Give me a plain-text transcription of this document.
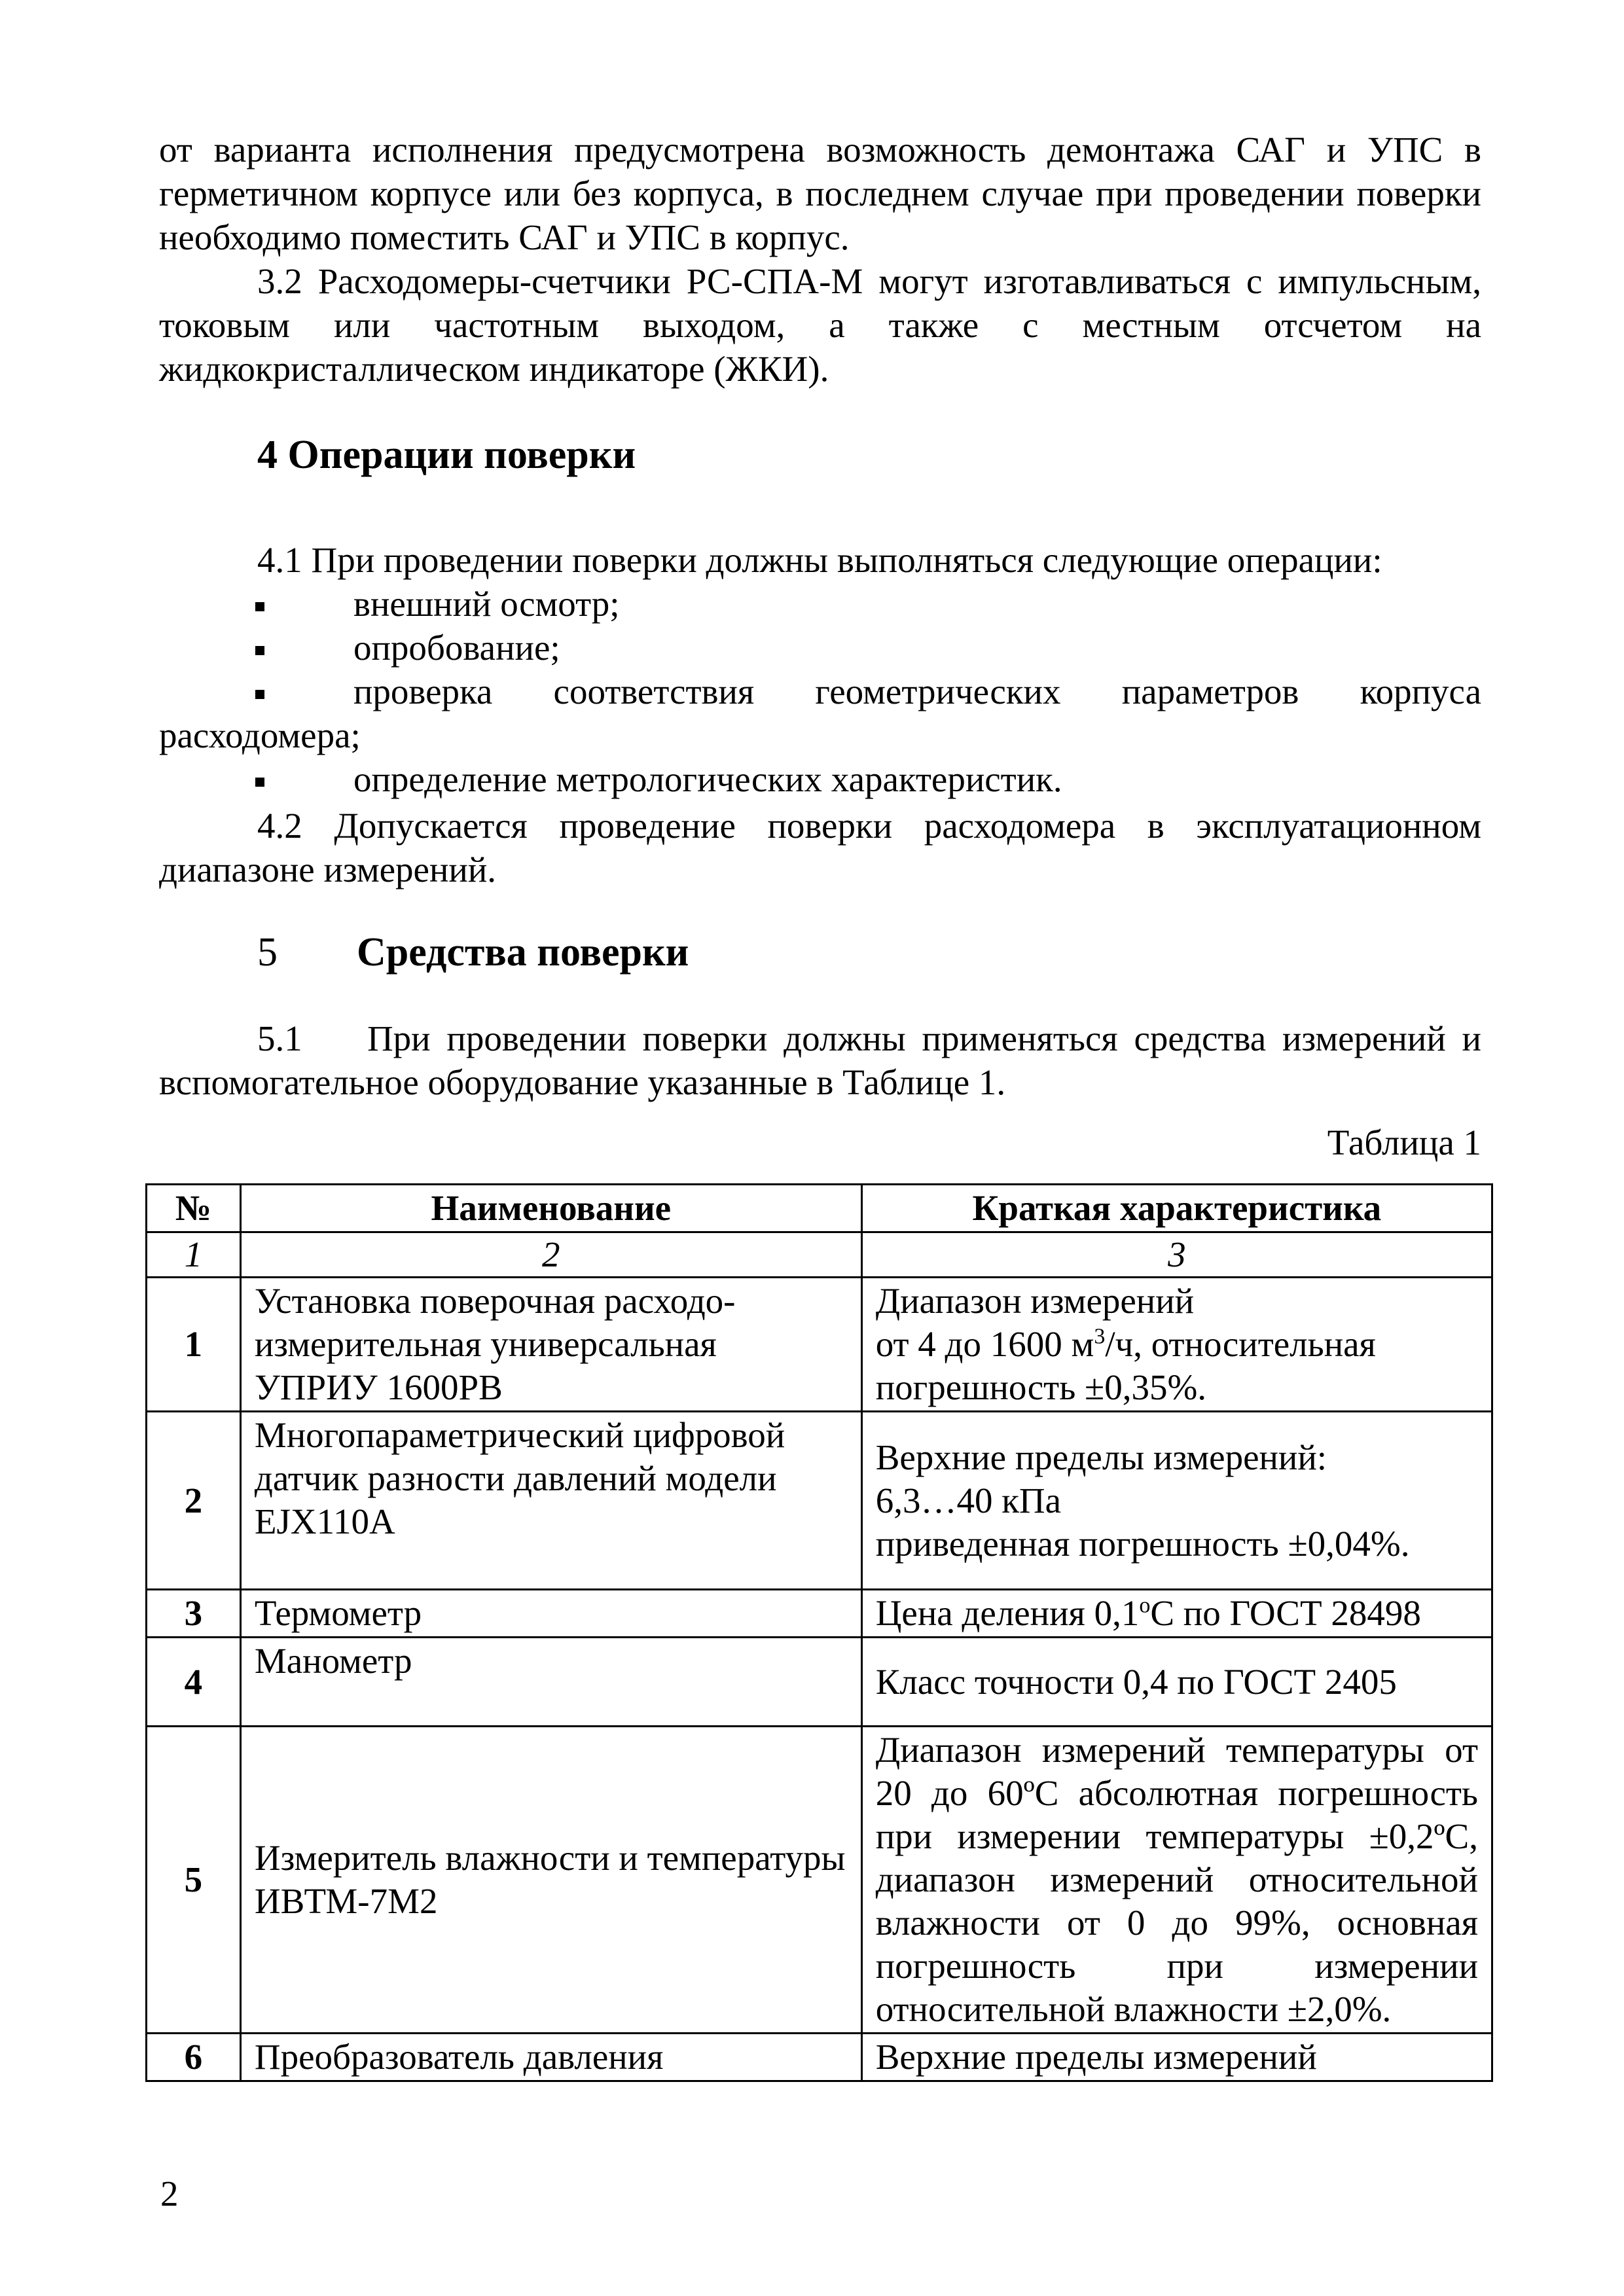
от варианта исполнения предусмотрена возможность демонтажа САГ и УПС в герметичном корпусе или без корпуса, в последнем случае при проведении поверки необходимо поместить САГ и УПС в корпус.

3.2 Расходомеры-счетчики РС-СПА-М могут изготавливаться с импульсным, токовым или частотным выходом, а также с местным отсчетом на жидкокристаллическом индикаторе (ЖКИ).

4 Операции поверки

4.1 При проведении поверки должны выполняться следующие операции:

внешний осмотр;

опробование;

проверка соответствия геометрических параметров корпуса

расходомера;

определение метрологических характеристик.

4.2 Допускается проведение поверки расходомера в эксплуатационном диапазоне измерений.

5 Средства поверки

5.1    При проведении поверки должны применяться средства измерений и вспомогательное оборудование указанные в Таблице 1.

Таблица 1
№	Наименование	Краткая характеристика
1	2	3
1	Установка поверочная расходо-измерительная универсальная УПРИУ 1600РВ	Диапазон измерений
от 4 до 1600 $м^3/ч$, относительная погрешность ±0,35%.
2	Многопараметрический цифровой датчик разности давлений модели EJX110A	Верхние пределы измерений:
6,3…40 кПа
приведенная погрешность ±0,04%.
3	Термометр	Цена деления 0,1$^o$С по ГОСТ 28498
4	Манометр	Класс точности 0,4 по ГОСТ 2405
5	Измеритель влажности и температуры ИВТМ-7М2	Диапазон измерений температуры от 20 до 60ºС абсолютная погрешность при измерении температуры ±0,2ºС, диапазон измерений относительной влажности от 0 до 99%, основная погрешность при измерении относительной влажности ±2,0%.
6	Преобразователь давления	Верхние пределы измерений
2
